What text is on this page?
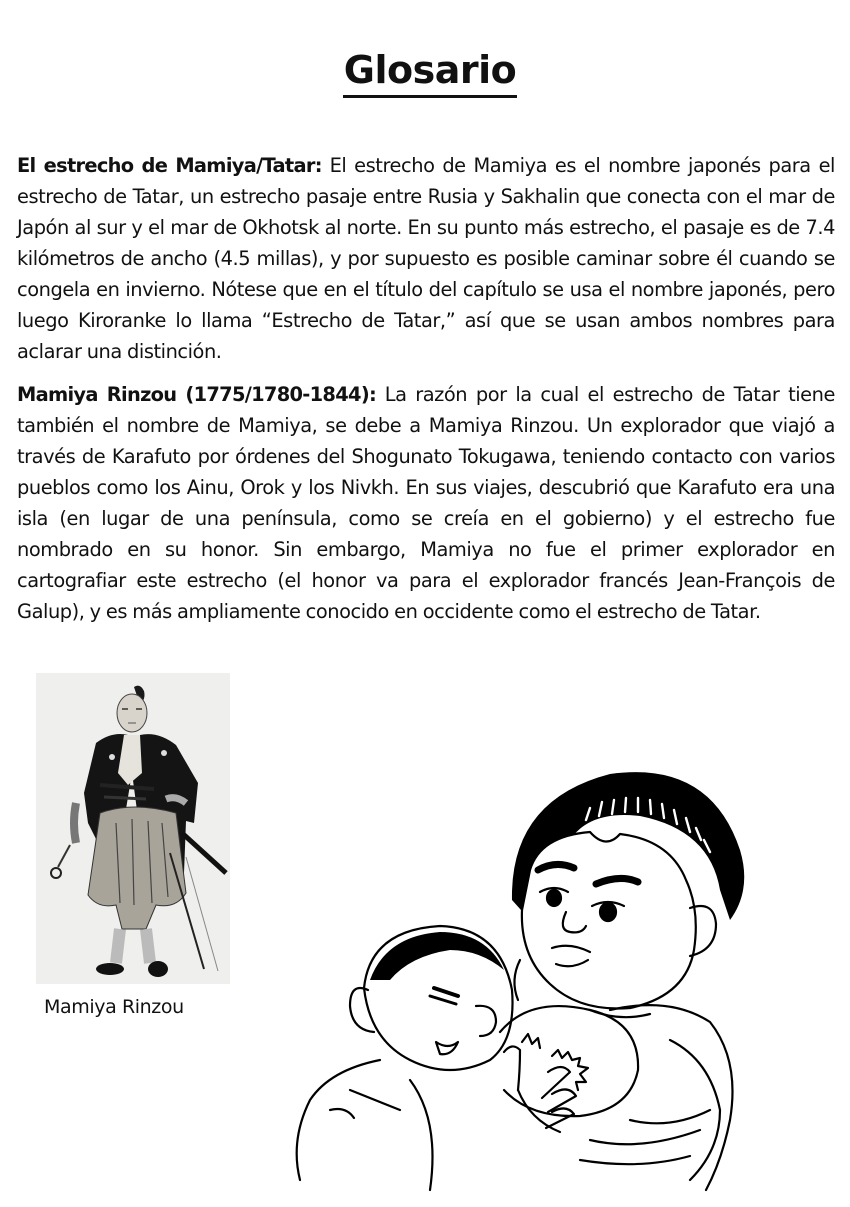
Glosario

El estrecho de Mamiya/Tatar: El estrecho de Mamiya es el nombre japonés para el estrecho de Tatar, un estrecho pasaje entre Rusia y Sakhalin que conecta con el mar de Japón al sur y el mar de Okhotsk al norte. En su punto más estrecho, el pasaje es de 7.4 kilómetros de ancho (4.5 millas), y por supuesto es posible caminar sobre él cuando se congela en invierno. Nótese que en el título del capítulo se usa el nombre japonés, pero luego Kiroranke lo llama “Estrecho de Tatar,” así que se usan ambos nombres para aclarar una distinción.

Mamiya Rinzou (1775/1780-1844): La razón por la cual el estrecho de Tatar tiene también el nombre de Mamiya, se debe a Mamiya Rinzou. Un explorador que viajó a través de Karafuto por órdenes del Shogunato Tokugawa, teniendo contacto con varios pueblos como los Ainu, Orok y los Nivkh. En sus viajes, descubrió que Karafuto era una isla (en lugar de una península, como se creía en el gobierno) y el estrecho fue nombrado en su honor. Sin embargo, Mamiya no fue el primer explorador en cartografiar este estrecho (el honor va para el explorador francés Jean-François de Galup), y es más ampliamente conocido en occidente como el estrecho de Tatar.

Mamiya Rinzou
